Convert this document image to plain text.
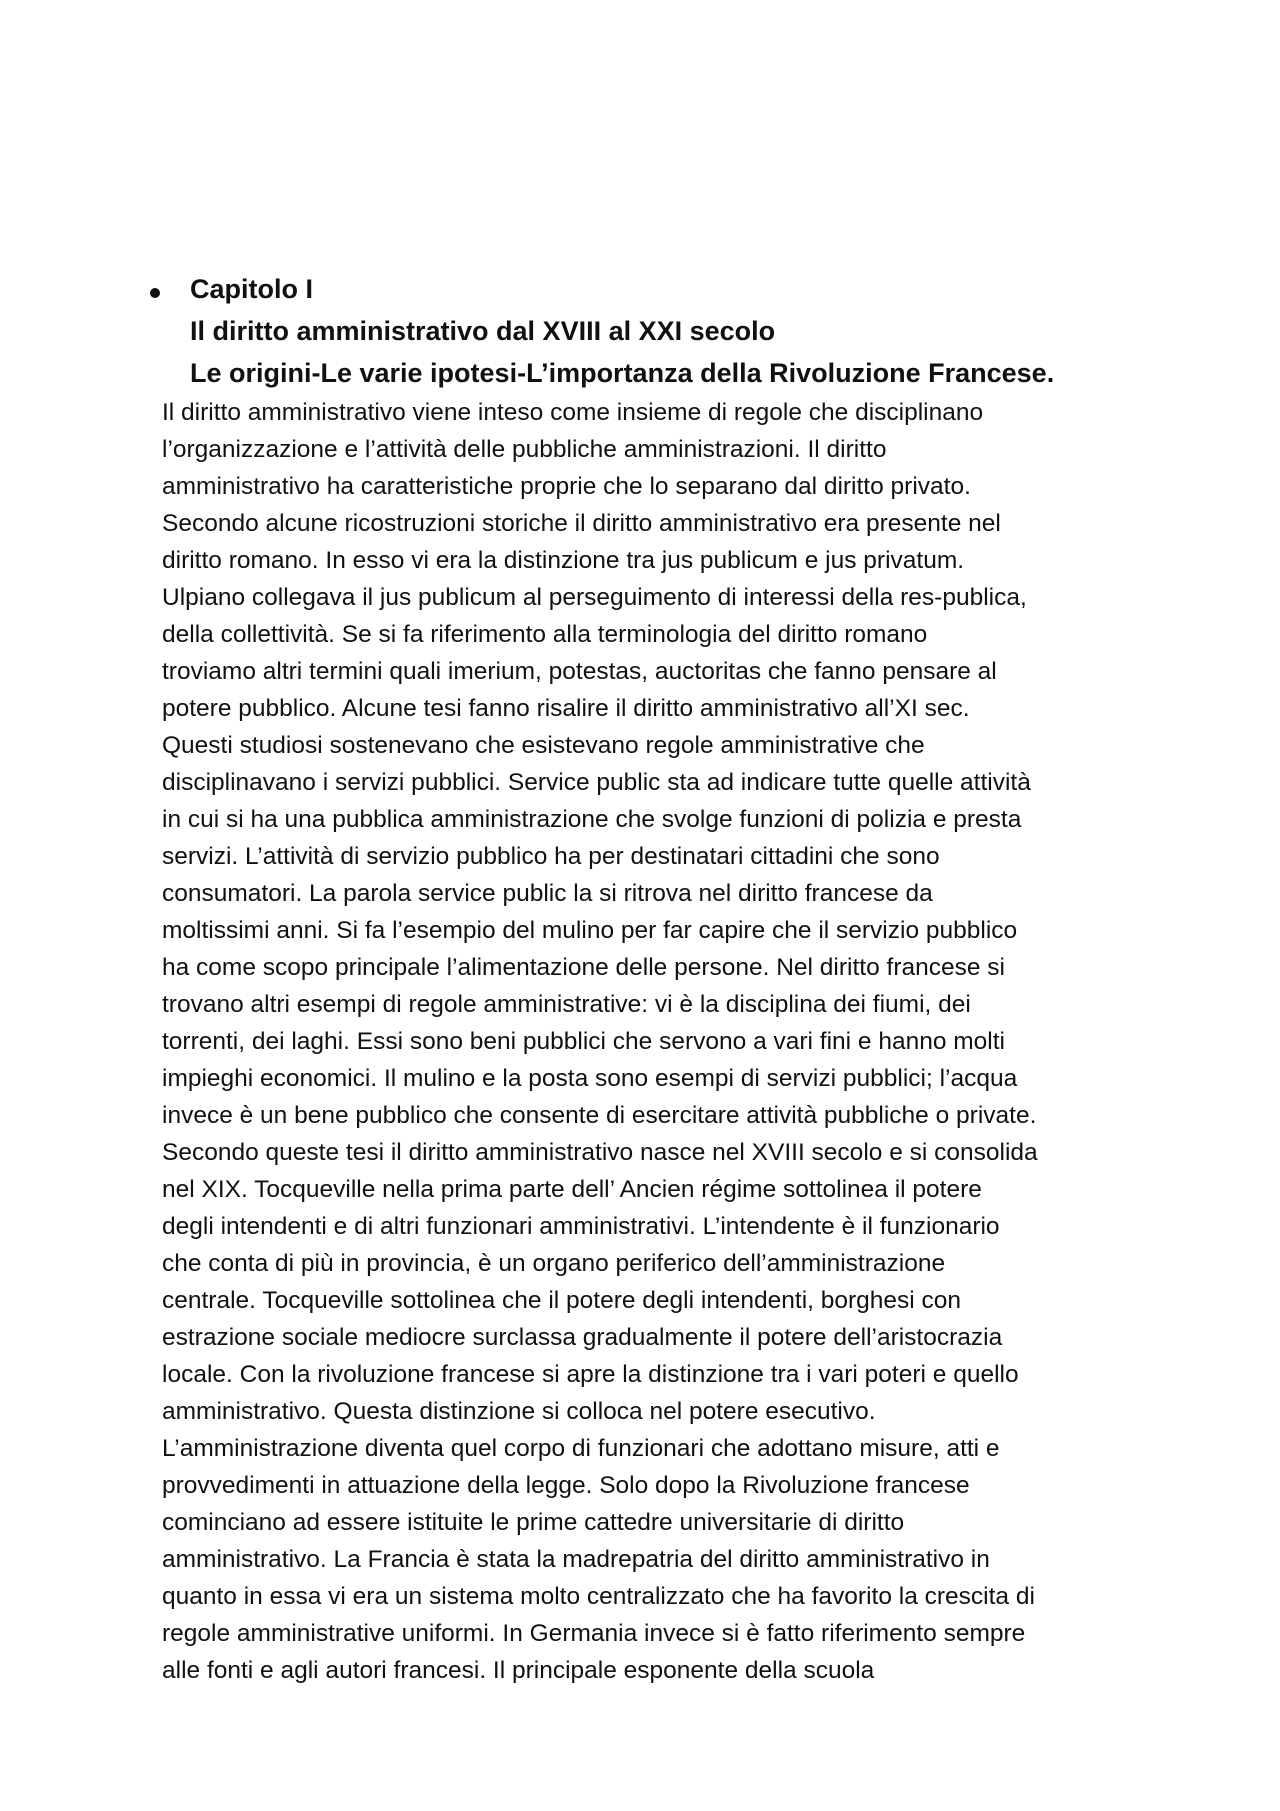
Capitolo I
Il diritto amministrativo dal XVIII al XXI secolo
Le origini-Le varie ipotesi-L’importanza della Rivoluzione Francese.
Il diritto amministrativo viene inteso come insieme di regole che disciplinano
l’organizzazione e l’attività delle pubbliche amministrazioni. Il diritto
amministrativo ha caratteristiche proprie che lo separano dal diritto privato.
Secondo alcune ricostruzioni storiche il diritto amministrativo era presente nel
diritto romano. In esso vi era la distinzione tra jus publicum e jus privatum.
Ulpiano collegava il jus publicum al perseguimento di interessi della res-publica,
della collettività. Se si fa riferimento alla terminologia del diritto romano
troviamo altri termini quali imerium, potestas, auctoritas che fanno pensare al
potere pubblico. Alcune tesi fanno risalire il diritto amministrativo all’XI sec.
Questi studiosi sostenevano che esistevano regole amministrative che
disciplinavano i servizi pubblici. Service public sta ad indicare tutte quelle attività
in cui si ha una pubblica amministrazione che svolge funzioni di polizia e presta
servizi. L’attività di servizio pubblico ha per destinatari cittadini che sono
consumatori. La parola service public la si ritrova nel diritto francese da
moltissimi anni. Si fa l’esempio del mulino per far capire che il servizio pubblico
ha come scopo principale l’alimentazione delle persone. Nel diritto francese si
trovano altri esempi di regole amministrative: vi è la disciplina dei fiumi, dei
torrenti, dei laghi. Essi sono beni pubblici che servono a vari fini e hanno molti
impieghi economici. Il mulino e la posta sono esempi di servizi pubblici; l’acqua
invece è un bene pubblico che consente di esercitare attività pubbliche o private.
Secondo queste tesi il diritto amministrativo nasce nel XVIII secolo e si consolida
nel XIX. Tocqueville nella prima parte dell’ Ancien régime sottolinea il potere
degli intendenti e di altri funzionari amministrativi. L’intendente è il funzionario
che conta di più in provincia, è un organo periferico dell’amministrazione
centrale. Tocqueville sottolinea che il potere degli intendenti, borghesi con
estrazione sociale mediocre surclassa gradualmente il potere dell’aristocrazia
locale. Con la rivoluzione francese si apre la distinzione tra i vari poteri e quello
amministrativo. Questa distinzione si colloca nel potere esecutivo.
L’amministrazione diventa quel corpo di funzionari che adottano misure, atti e
provvedimenti in attuazione della legge. Solo dopo la Rivoluzione francese
cominciano ad essere istituite le prime cattedre universitarie di diritto
amministrativo. La Francia è stata la madrepatria del diritto amministrativo in
quanto in essa vi era un sistema molto centralizzato che ha favorito la crescita di
regole amministrative uniformi. In Germania invece si è fatto riferimento sempre
alle fonti e agli autori francesi. Il principale esponente della scuola
